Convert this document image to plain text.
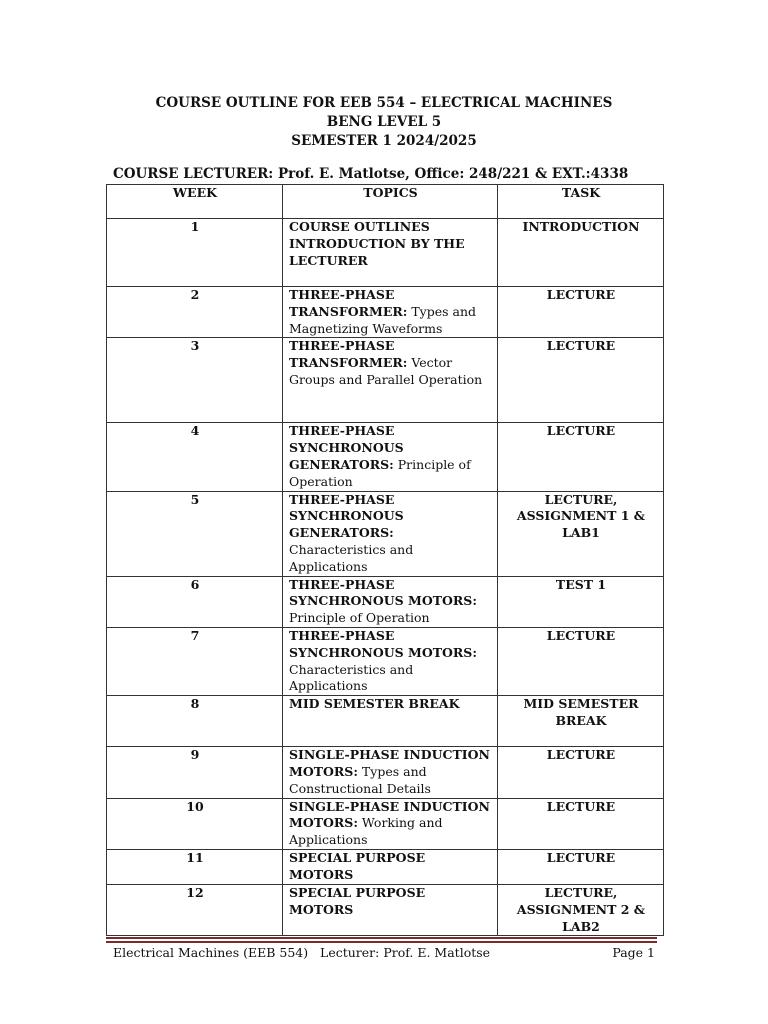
COURSE OUTLINE FOR EEB 554 – ELECTRICAL MACHINES
BENG LEVEL 5
SEMESTER 1 2024/2025
COURSE LECTURER: Prof. E. Matlotse, Office: 248/221 & EXT.:4338
WEEK	TOPICS	TASK
1	COURSE OUTLINES INTRODUCTION BY THE LECTURER	INTRODUCTION
2	THREE-PHASE TRANSFORMER: Types and Magnetizing Waveforms	LECTURE
3	THREE-PHASE TRANSFORMER: Vector Groups and Parallel Operation	LECTURE
4	THREE-PHASE SYNCHRONOUS GENERATORS: Principle of Operation	LECTURE
5	THREE-PHASE SYNCHRONOUS GENERATORS: Characteristics and Applications	LECTURE, ASSIGNMENT 1 & LAB1
6	THREE-PHASE SYNCHRONOUS MOTORS: Principle of Operation	TEST 1
7	THREE-PHASE SYNCHRONOUS MOTORS: Characteristics and Applications	LECTURE
8	MID SEMESTER BREAK	MID SEMESTER BREAK
9	SINGLE-PHASE INDUCTION MOTORS: Types and Constructional Details	LECTURE
10	SINGLE-PHASE INDUCTION MOTORS: Working and Applications	LECTURE
11	SPECIAL PURPOSE MOTORS	LECTURE
12	SPECIAL PURPOSE MOTORS	LECTURE, ASSIGNMENT 2 & LAB2
Electrical Machines (EEB 554)   Lecturer: Prof. E. Matlotse	Page 1
